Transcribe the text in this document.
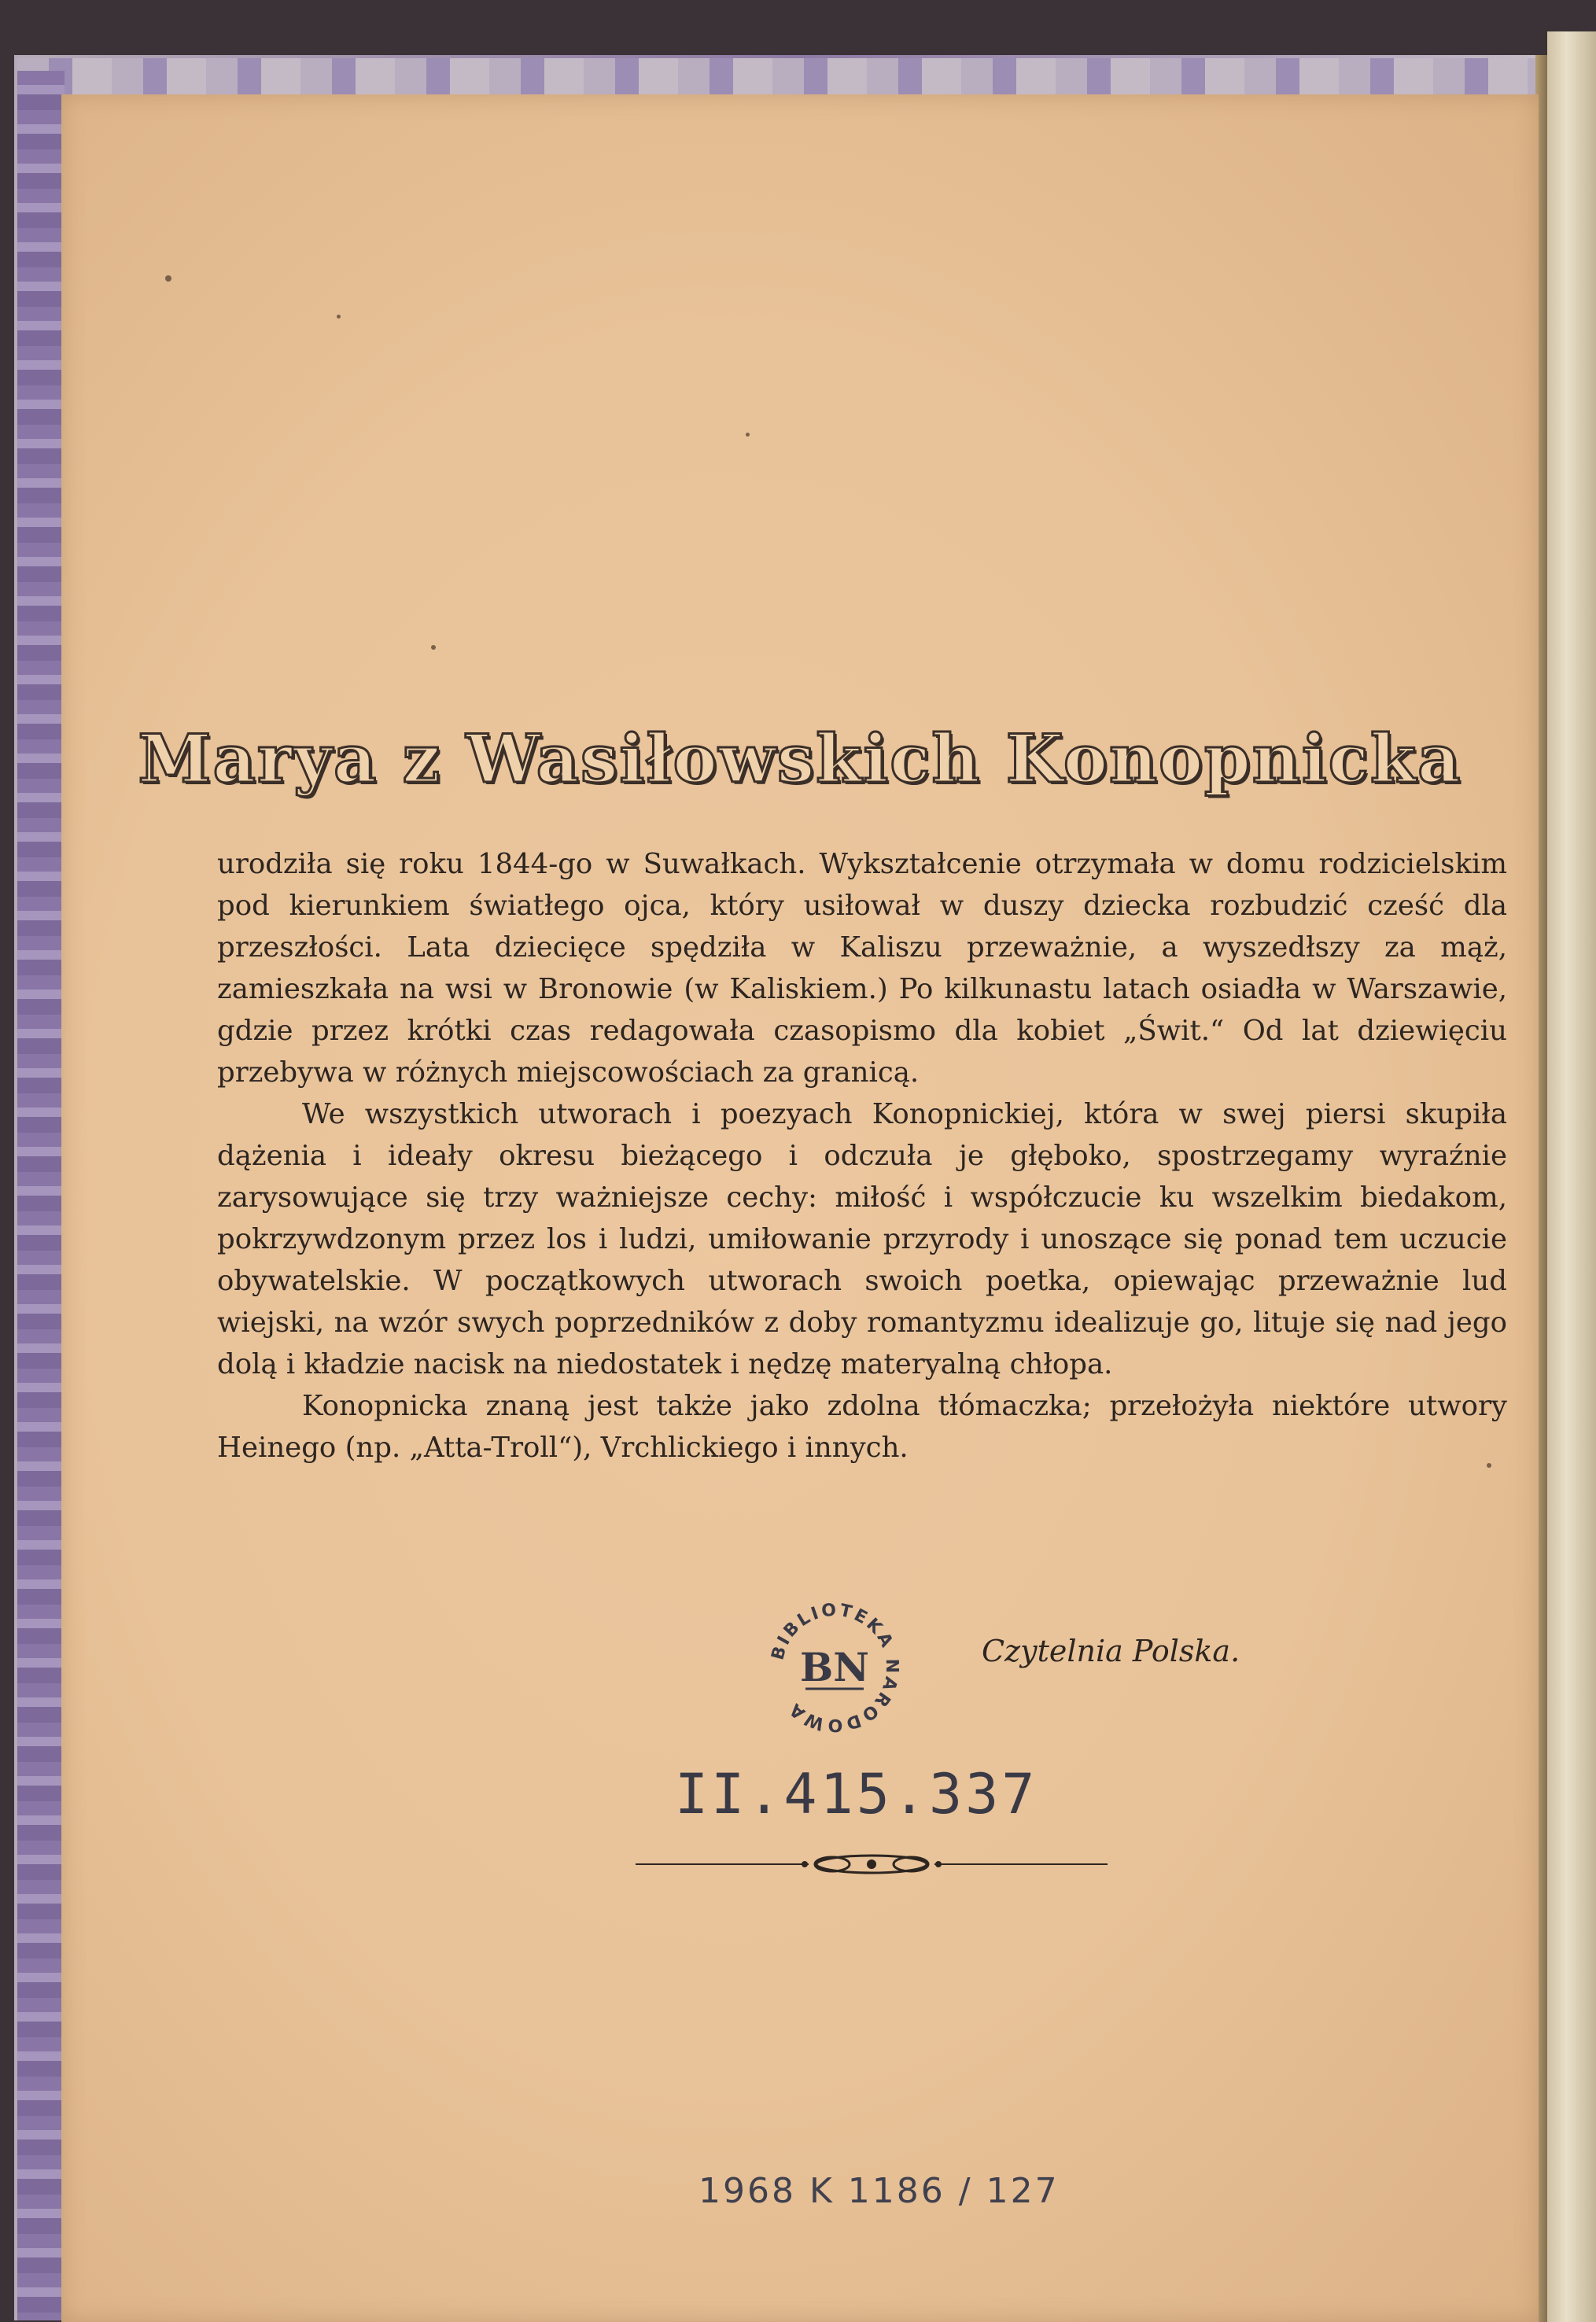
Marya z Wasiłowskich Konopnicka

urodziła się roku 1844-go w Suwałkach. Wykształcenie otrzymała w domu rodzicielskim pod kierunkiem światłego ojca, który usiłował w duszy dziecka rozbudzić cześć dla przeszłości. Lata dziecięce spędziła w Kaliszu przeważnie, a wyszedłszy za mąż, zamieszkała na wsi w Bronowie (w Kaliskiem.) Po kilkunastu latach osiadła w Warszawie, gdzie przez krótki czas redagowała czasopismo dla kobiet „Świt.“ Od lat dziewięciu przebywa w różnych miejscowościach za granicą.

We wszystkich utworach i poezyach Konopnickiej, która w swej piersi skupiła dążenia i ideały okresu bieżącego i odczuła je głęboko, spostrzegamy wyraźnie zarysowujące się trzy ważniejsze cechy: miłość i współczucie ku wszelkim biedakom, pokrzywdzonym przez los i ludzi, umiłowanie przyrody i unoszące się ponad tem uczucie obywatelskie. W początkowych utworach swoich poetka, opiewając przeważnie lud wiejski, na wzór swych poprzedników z doby romantyzmu idealizuje go, lituje się nad jego dolą i kładzie nacisk na niedostatek i nędzę materyalną chłopa.

Konopnicka znaną jest także jako zdolna tłómaczka; przełożyła niektóre utwory Heinego (np. „Atta-Troll“), Vrchlickiego i innych.

BIBLIOTEKA NARODOWA
BN	Czytelnia Polska.
II.415.337
1968 K 1186 / 127
